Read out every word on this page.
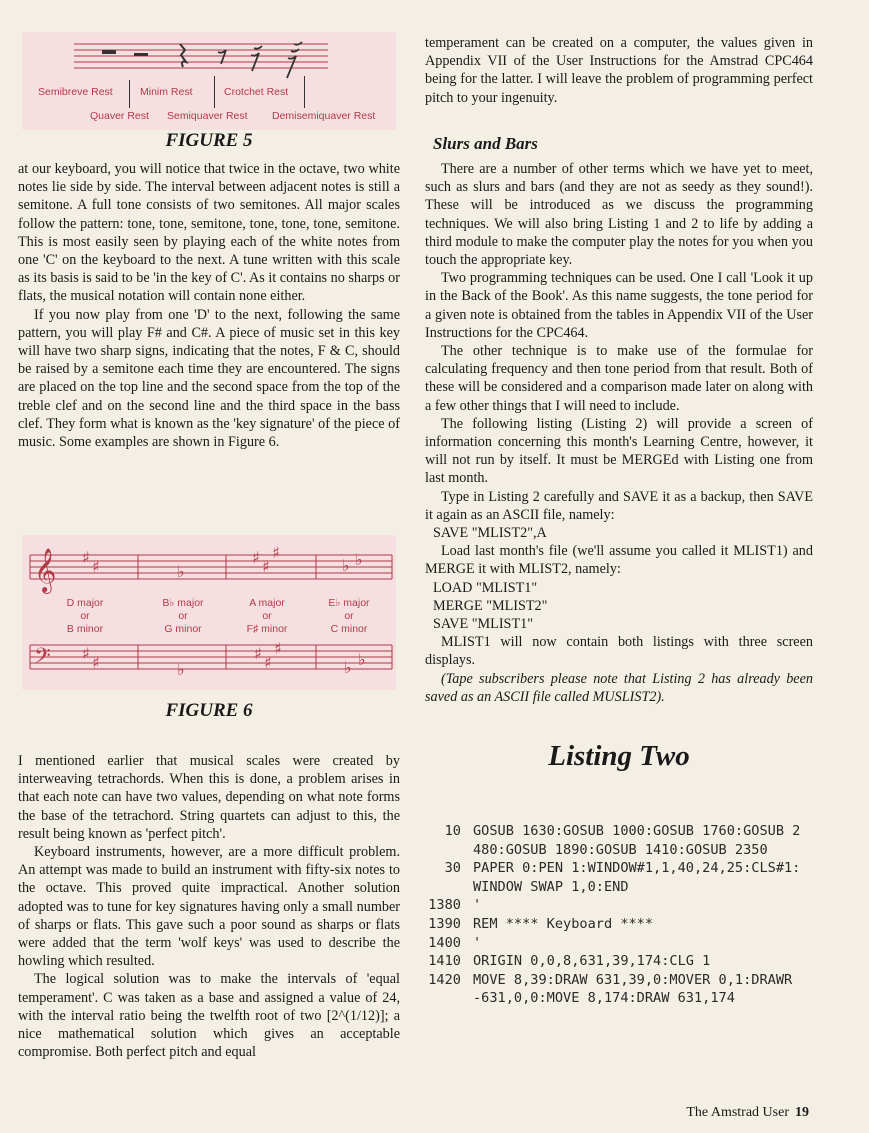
Semibreve Rest	Minim Rest	Crotchet Rest
Quaver Rest Semiquaver Rest Demisemiquaver Rest
FIGURE 5

at our keyboard, you will notice that twice in the octave, two white notes lie side by side. The interval between adjacent notes is still a semitone. A full tone consists of two semitones. All major scales follow the pattern: tone, tone, semitone, tone, tone, tone, semitone. This is most easily seen by playing each of the white notes from one 'C' on the keyboard to the next. A tune written with this scale as its basis is said to be 'in the key of C'. As it contains no sharps or flats, the musical notation will contain none either.

If you now play from one 'D' to the next, following the same pattern, you will play F# and C#. A piece of music set in this key will have two sharp signs, indicating that the notes, F & C, should be raised by a semitone each time they are encountered. The signs are placed on the top line and the second space from the top of the treble clef and on the second line and the third space in the bass clef. They form what is known as the 'key signature' of the piece of music. Some examples are shown in Figure 6.

𝄞 ♯ ♯	♭
♯ ♯
♯
♭ ♭
D major
or
B minor
B♭ major
or
G minor
A major
or
F♯ minor
E♭ major
or
C minor
𝄢 ♯ ♯	♭
♯ ♯
♯
♭ ♭
FIGURE 6

I mentioned earlier that musical scales were created by interweaving tetrachords. When this is done, a problem arises in that each note can have two values, depending on what note forms the base of the tetrachord. String quartets can adjust to this, the result being known as 'perfect pitch'.

Keyboard instruments, however, are a more difficult problem. An attempt was made to build an instrument with fifty-six notes to the octave. This proved quite impractical. Another solution adopted was to tune for key signatures having only a small number of sharps or flats. This gave such a poor sound as sharps or flats were added that the term 'wolf keys' was used to describe the howling which resulted.

The logical solution was to make the intervals of 'equal temperament'. C was taken as a base and assigned a value of 24, with the interval ratio being the twelfth root of two [2^(1/12)]; a nice mathematical solution which gives an acceptable compromise. Both perfect pitch and equal

temperament can be created on a computer, the values given in Appendix VII of the User Instructions for the Amstrad CPC464 being for the latter. I will leave the problem of programming perfect pitch to your ingenuity.

Slurs and Bars

There are a number of other terms which we have yet to meet, such as slurs and bars (and they are not as seedy as they sound!). These will be introduced as we discuss the programming techniques. We will also bring Listing 1 and 2 to life by adding a third module to make the computer play the notes for you when you touch the appropriate key.

Two programming techniques can be used. One I call 'Look it up in the Back of the Book'. As this name suggests, the tone period for a given note is obtained from the tables in Appendix VII of the User Instructions for the CPC464.

The other technique is to make use of the formulae for calculating frequency and then tone period from that result. Both of these will be considered and a comparison made later on along with a few other things that I will need to include.

The following listing (Listing 2) will provide a screen of information concerning this month's Learning Centre, however, it will not run by itself. It must be MERGEd with Listing one from last month.

Type in Listing 2 carefully and SAVE it as a backup, then SAVE it again as an ASCII file, namely:

SAVE "MLIST2",A

Load last month's file (we'll assume you called it MLIST1) and MERGE it with MLIST2, namely:

LOAD "MLIST1"

MERGE "MLIST2"

SAVE "MLIST1"

MLIST1 will now contain both listings with three screen displays.

(Tape subscribers please note that Listing 2 has already been saved as an ASCII file called MUSLIST2).

Listing Two
10 GOSUB 1630:GOSUB 1000:GOSUB 1760:GOSUB 2480:GOSUB 1890:GOSUB 1410:GOSUB 2350
30 PAPER 0:PEN 1:WINDOW#1,1,40,24,25:CLS#1:WINDOW SWAP 1,0:END
1380 '
1390 REM **** Keyboard ****
1400 '
1410 ORIGIN 0,0,8,631,39,174:CLG 1
1420 MOVE 8,39:DRAW 631,39,0:MOVER 0,1:DRAWR -631,0,0:MOVE 8,174:DRAW 631,174
The Amstrad User 19
